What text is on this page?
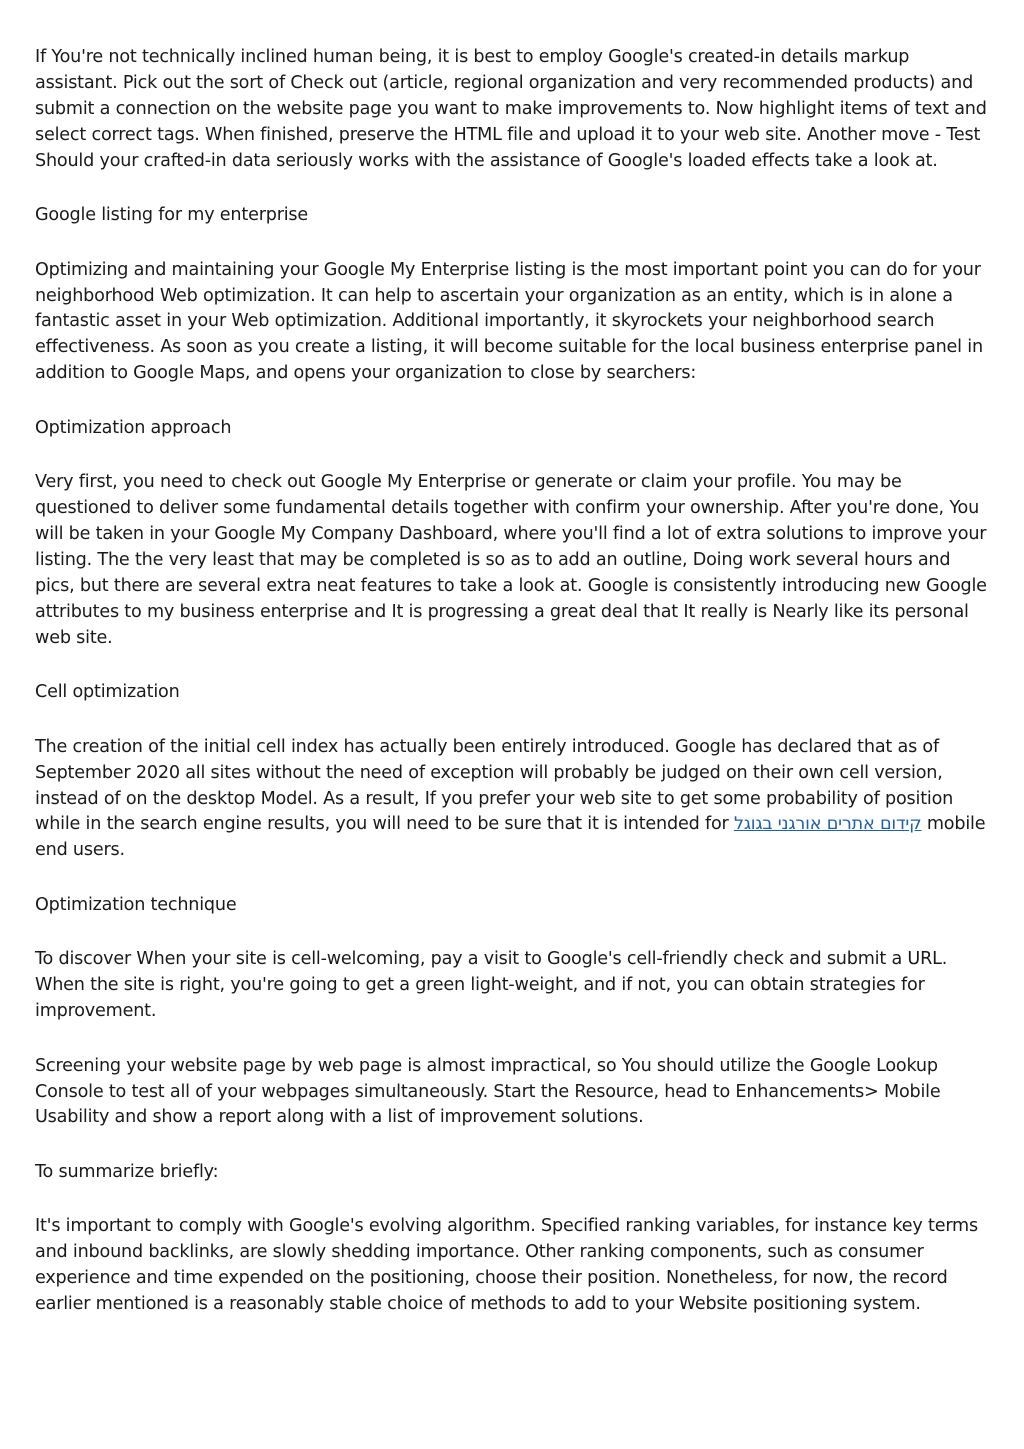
If You're not technically inclined human being, it is best to employ Google's created-in details markup assistant. Pick out the sort of Check out (article, regional organization and very recommended products) and submit a connection on the website page you want to make improvements to. Now highlight items of text and select correct tags. When finished, preserve the HTML file and upload it to your web site. Another move - Test Should your crafted-in data seriously works with the assistance of Google's loaded effects take a look at.

Google listing for my enterprise

Optimizing and maintaining your Google My Enterprise listing is the most important point you can do for your neighborhood Web optimization. It can help to ascertain your organization as an entity, which is in alone a fantastic asset in your Web optimization. Additional importantly, it skyrockets your neighborhood search effectiveness. As soon as you create a listing, it will become suitable for the local business enterprise panel in addition to Google Maps, and opens your organization to close by searchers:

Optimization approach

Very first, you need to check out Google My Enterprise or generate or claim your profile. You may be questioned to deliver some fundamental details together with confirm your ownership. After you're done, You will be taken in your Google My Company Dashboard, where you'll find a lot of extra solutions to improve your listing. The the very least that may be completed is so as to add an outline, Doing work several hours and pics, but there are several extra neat features to take a look at. Google is consistently introducing new Google attributes to my business enterprise and It is progressing a great deal that It really is Nearly like its personal web site.

Cell optimization

The creation of the initial cell index has actually been entirely introduced. Google has declared that as of September 2020 all sites without the need of exception will probably be judged on their own cell version, instead of on the desktop Model. As a result, If you prefer your web site to get some probability of position while in the search engine results, you will need to be sure that it is intended for קידום אתרים אורגני בגוגל mobile end users.

Optimization technique

To discover When your site is cell-welcoming, pay a visit to Google's cell-friendly check and submit a URL. When the site is right, you're going to get a green light-weight, and if not, you can obtain strategies for improvement.

Screening your website page by web page is almost impractical, so You should utilize the Google Lookup Console to test all of your webpages simultaneously. Start the Resource, head to Enhancements> Mobile Usability and show a report along with a list of improvement solutions.

To summarize briefly:

It's important to comply with Google's evolving algorithm. Specified ranking variables, for instance key terms and inbound backlinks, are slowly shedding importance. Other ranking components, such as consumer experience and time expended on the positioning, choose their position. Nonetheless, for now, the record earlier mentioned is a reasonably stable choice of methods to add to your Website positioning system.
